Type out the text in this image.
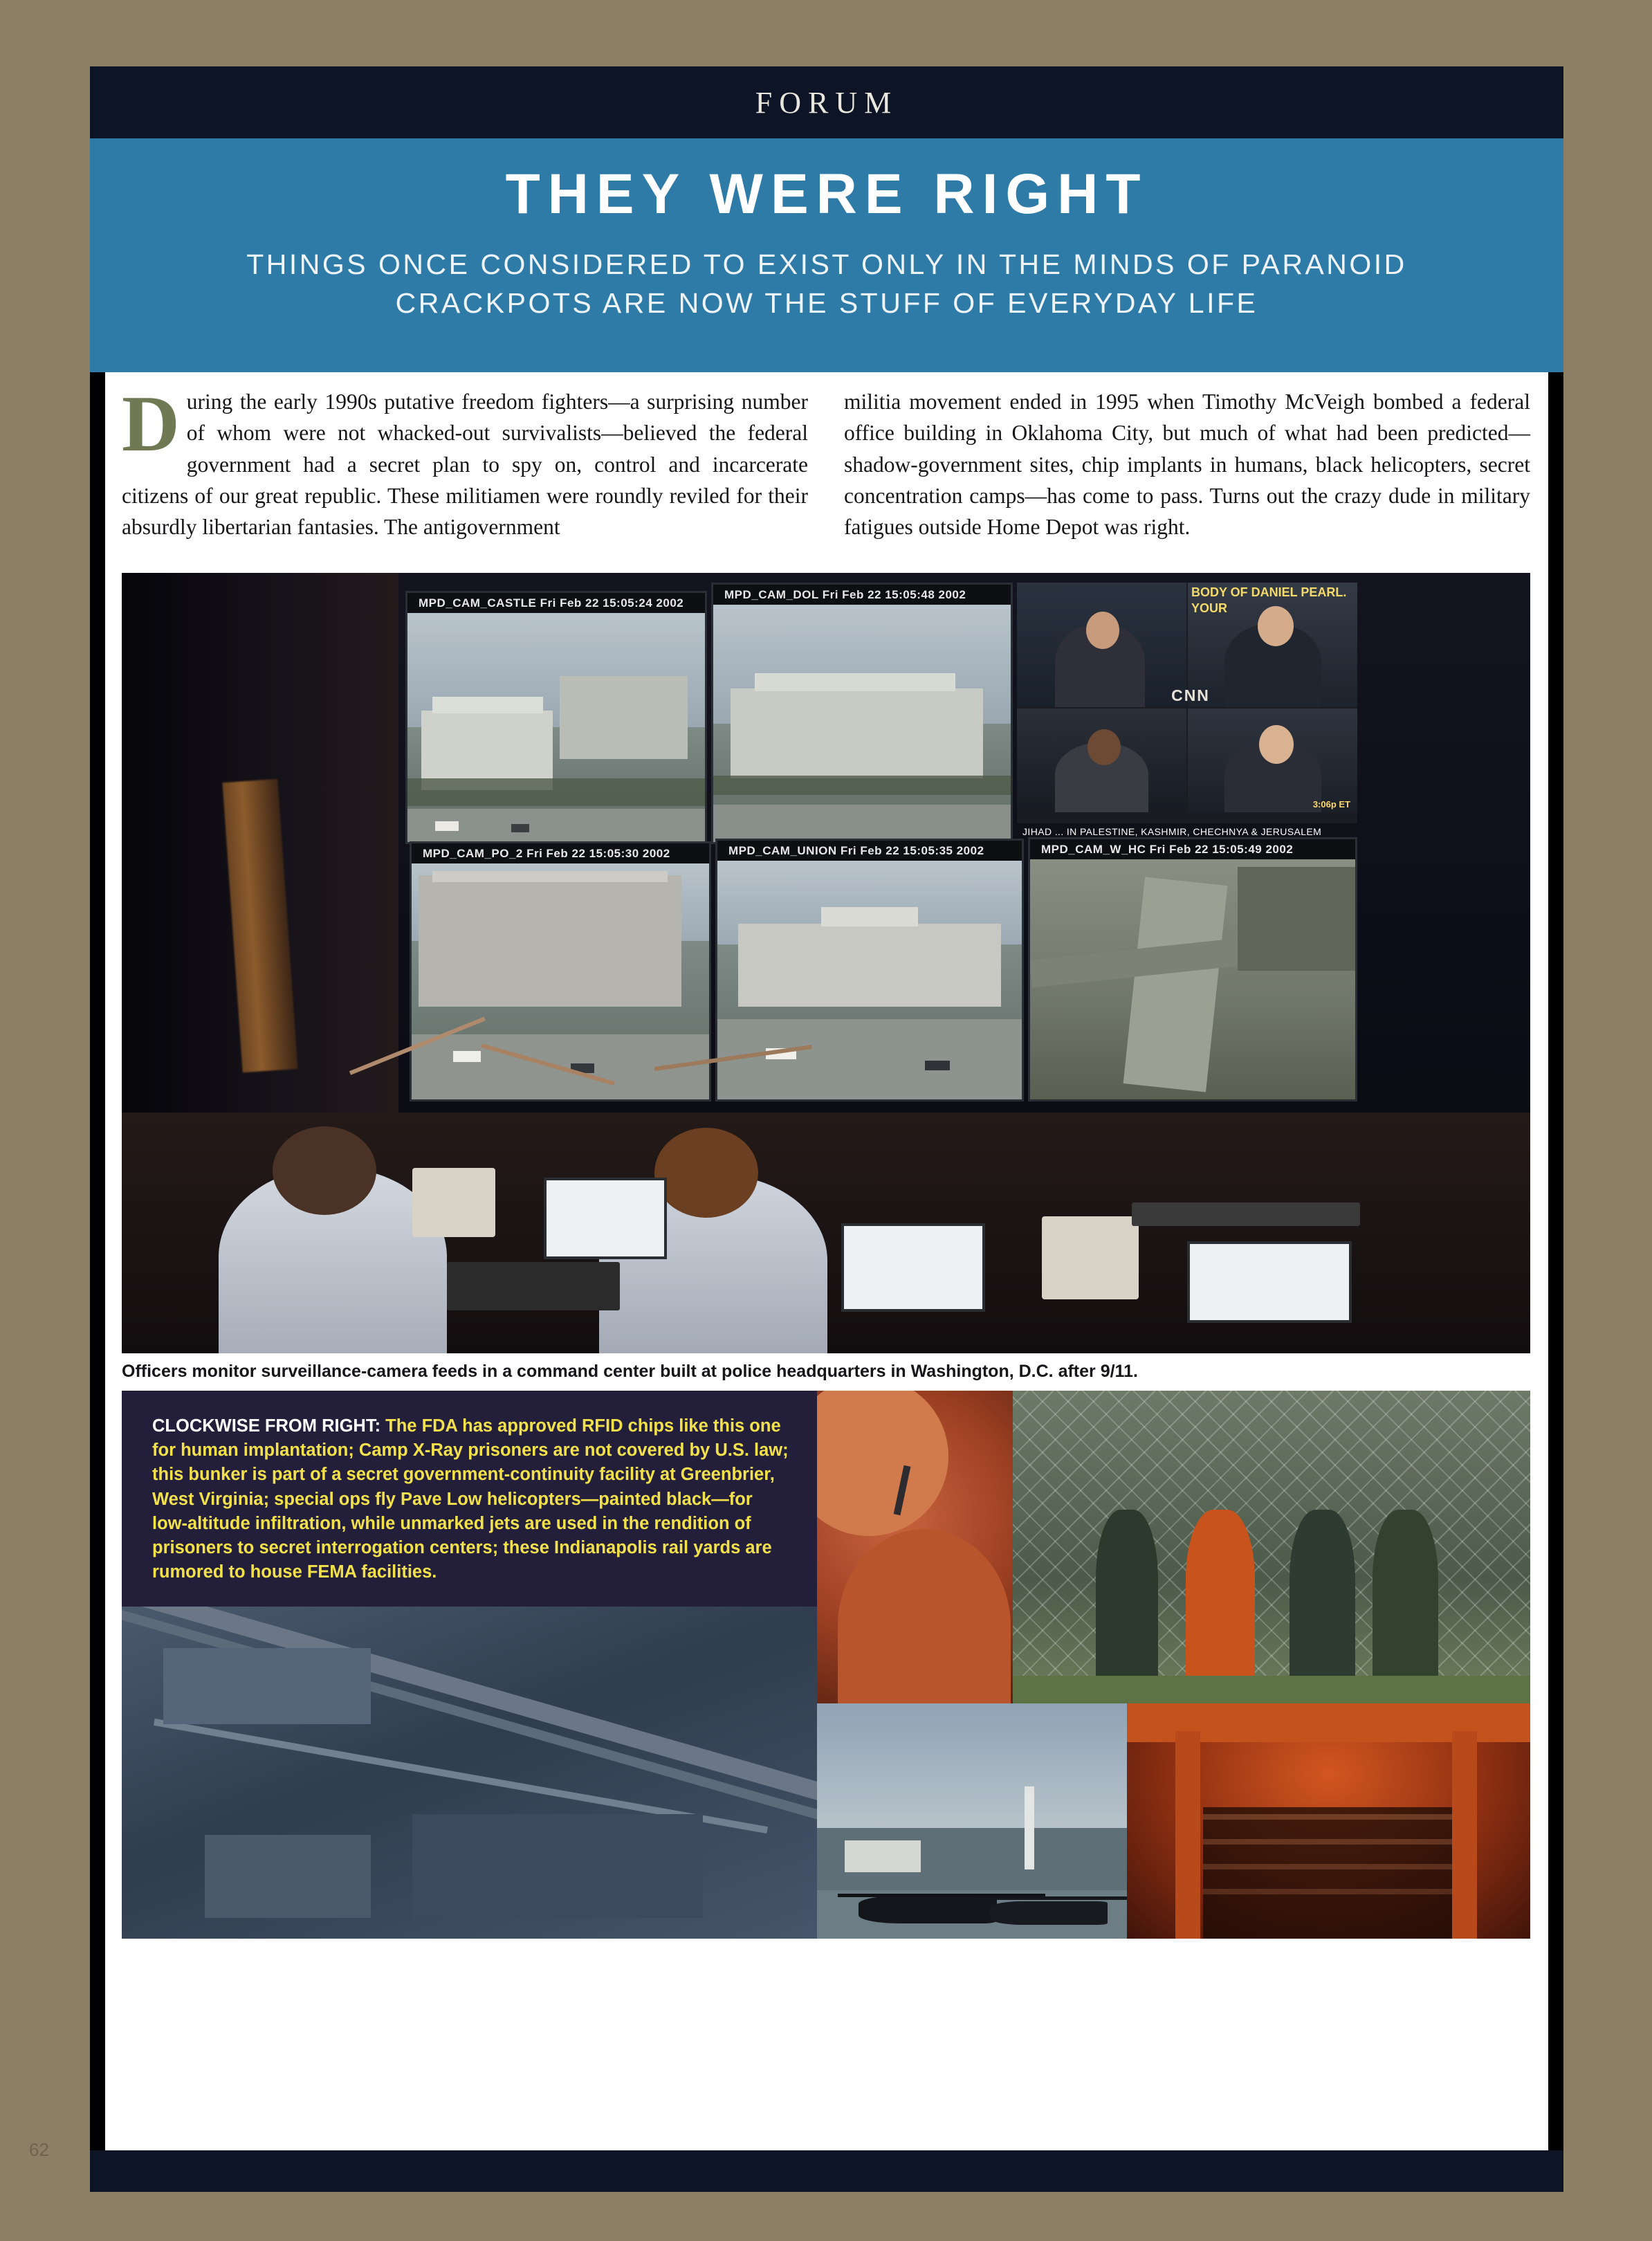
FORUM
THEY WERE RIGHT
THINGS ONCE CONSIDERED TO EXIST ONLY IN THE MINDS OF PARANOID CRACKPOTS ARE NOW THE STUFF OF EVERYDAY LIFE
D uring the early 1990s putative freedom fighters—a surprising number of whom were not whacked-out survivalists—believed the federal government had a secret plan to spy on, control and incarcerate citizens of our great republic. These militiamen were roundly reviled for their absurdly libertarian fantasies. The antigovernment
militia movement ended in 1995 when Timothy McVeigh bombed a federal office building in Oklahoma City, but much of what had been predicted—shadow-government sites, chip implants in humans, black helicopters, secret concentration camps—has come to pass. Turns out the crazy dude in military fatigues outside Home Depot was right.
MPD_CAM_CASTLE Fri Feb 22 15:05:24 2002
MPD_CAM_DOL Fri Feb 22 15:05:48 2002
CNN
BODY OF DANIEL PEARL.
YOUR
3:06p ET
JIHAD ... IN PALESTINE, KASHMIR, CHECHNYA & JERUSALEM
MPD_CAM_PO_2 Fri Feb 22 15:05:30 2002	MPD_CAM_UNION Fri Feb 22 15:05:35 2002	MPD_CAM_W_HC Fri Feb 22 15:05:49 2002
Officers monitor surveillance-camera feeds in a command center built at police headquarters in Washington, D.C. after 9/11.

CLOCKWISE FROM RIGHT: The FDA has approved RFID chips like this one for human implantation; Camp X-Ray prisoners are not covered by U.S. law; this bunker is part of a secret government-continuity facility at Greenbrier, West Virginia; special ops fly Pave Low helicopters—painted black—for low-altitude infiltration, while unmarked jets are used in the rendition of prisoners to secret interrogation centers; these Indianapolis rail yards are rumored to house FEMA facilities.

62
